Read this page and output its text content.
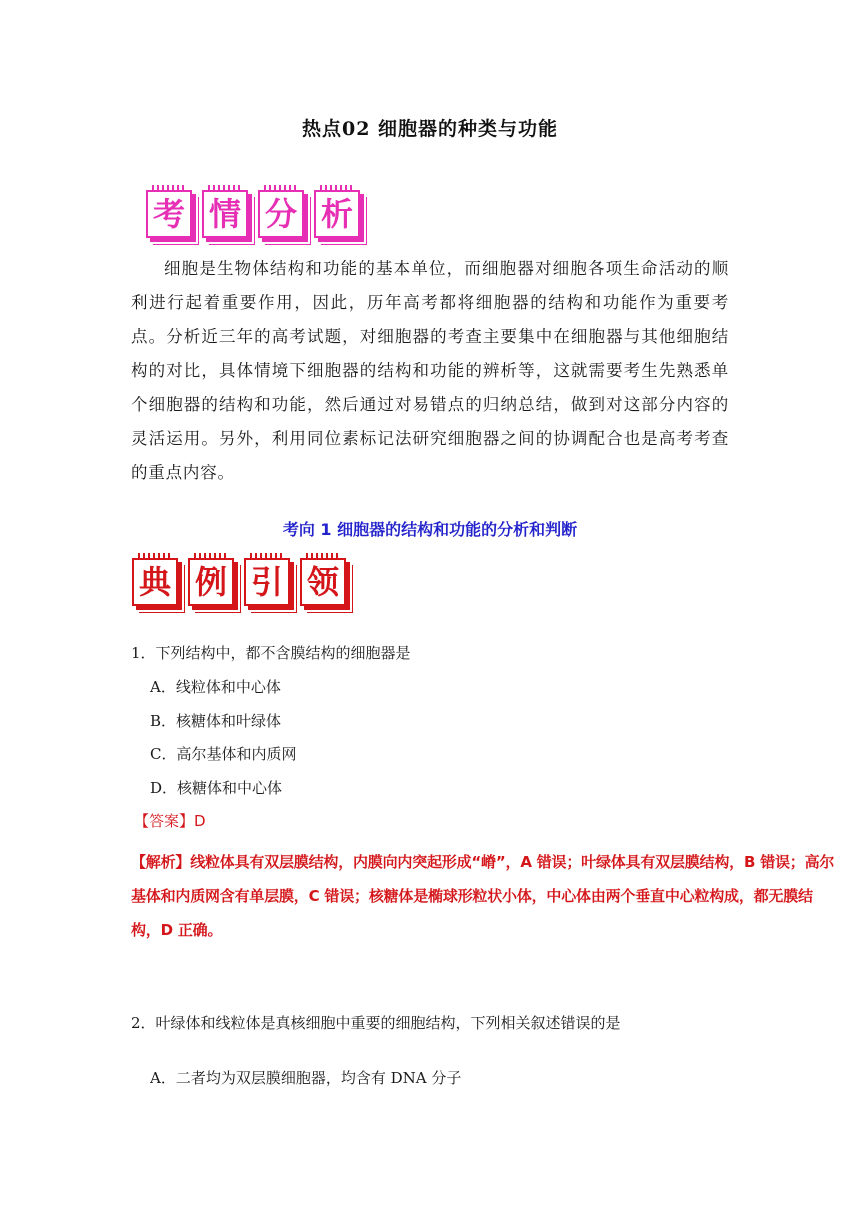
热点02 细胞器的种类与功能
考 情 分 析
细胞是生物体结构和功能的基本单位，而细胞器对细胞各项生命活动的顺利进行起着重要作用，因此，历年高考都将细胞器的结构和功能作为重要考点。分析近三年的高考试题，对细胞器的考查主要集中在细胞器与其他细胞结构的对比，具体情境下细胞器的结构和功能的辨析等，这就需要考生先熟悉单个细胞器的结构和功能，然后通过对易错点的归纳总结，做到对这部分内容的灵活运用。另外，利用同位素标记法研究细胞器之间的协调配合也是高考考查的重点内容。
考向 1 细胞器的结构和功能的分析和判断
典 例 引 领
1．下列结构中，都不含膜结构的细胞器是
A．线粒体和中心体
B．核糖体和叶绿体
C．高尔基体和内质网
D．核糖体和中心体
【答案】D
【解析】线粒体具有双层膜结构，内膜向内突起形成“嵴”，A 错误；叶绿体具有双层膜结构，B 错误；高尔基体和内质网含有单层膜，C 错误；核糖体是椭球形粒状小体，中心体由两个垂直中心粒构成，都无膜结构，D 正确。
2．叶绿体和线粒体是真核细胞中重要的细胞结构，下列相关叙述错误的是
A．二者均为双层膜细胞器，均含有 DNA 分子
